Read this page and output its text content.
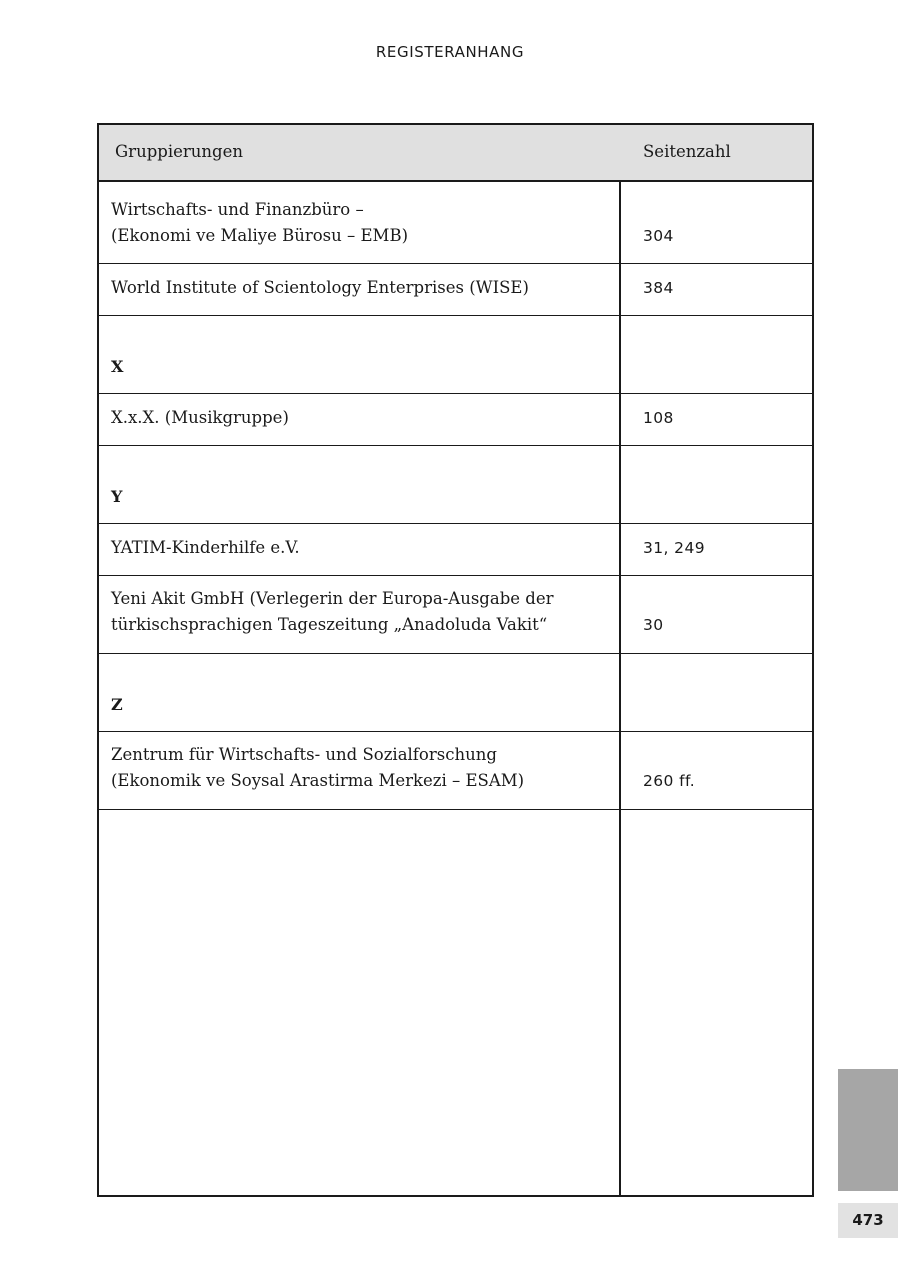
REGISTERANHANG
Gruppierungen	Seitenzahl
Wirtschafts- und Finanzbüro –
(Ekonomi ve Maliye Bürosu – EMB)	304
World Institute of Scientology Enterprises (WISE)	384
X
X.x.X. (Musikgruppe)	108
Y
YATIM-Kinderhilfe e.V.	31, 249
Yeni Akit GmbH (Verlegerin der Europa-Ausgabe der
türkischsprachigen Tageszeitung „Anadoluda Vakit“	30
Z
Zentrum für Wirtschafts- und Sozialforschung
(Ekonomik ve Soysal Arastirma Merkezi – ESAM)	260 ff.
473
